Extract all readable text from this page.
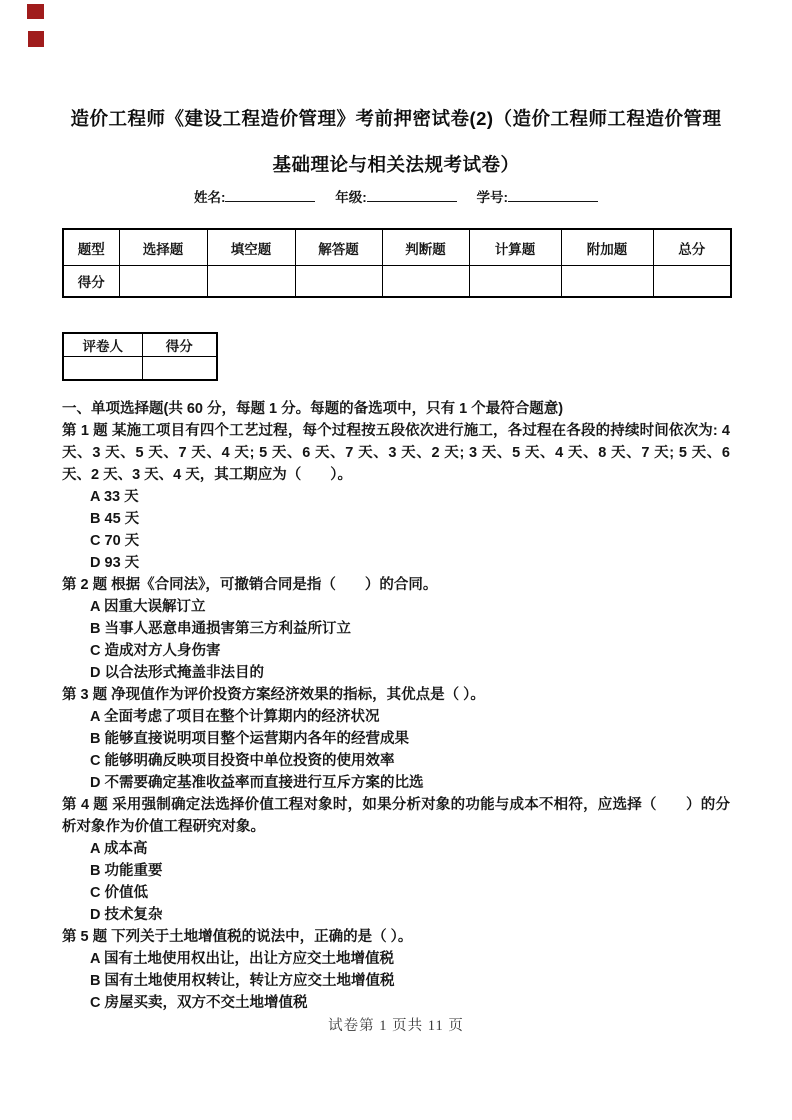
造价工程师《建设工程造价管理》考前押密试卷(2)（造价工程师工程造价管理
基础理论与相关法规考试卷）
姓名:	年级:	学号:
题型	选择题	填空题	解答题	判断题	计算题	附加题	总分
得分							
评卷人	得分

一、单项选择题(共 60 分，每题 1 分。每题的备选项中，只有 1 个最符合题意)

第 1 题 某施工项目有四个工艺过程，每个过程按五段依次进行施工，各过程在各段的持续时间依次为: 4 天、3 天、5 天、7 天、4 天; 5 天、6 天、7 天、3 天、2 天; 3 天、5 天、4 天、8 天、7 天; 5 天、6 天、2 天、3 天、4 天，其工期应为（　　）。

A 33 天

B 45 天

C 70 天

D 93 天

第 2 题 根据《合同法》，可撤销合同是指（　　）的合同。

A 因重大误解订立

B 当事人恶意串通损害第三方利益所订立

C 造成对方人身伤害

D 以合法形式掩盖非法目的

第 3 题 净现值作为评价投资方案经济效果的指标，其优点是（ ）。

A 全面考虑了项目在整个计算期内的经济状况

B 能够直接说明项目整个运营期内各年的经营成果

C 能够明确反映项目投资中单位投资的使用效率

D 不需要确定基准收益率而直接进行互斥方案的比选

第 4 题 采用强制确定法选择价值工程对象时，如果分析对象的功能与成本不相符，应选择（　　）的分析对象作为价值工程研究对象。

A 成本高

B 功能重要

C 价值低

D 技术复杂

第 5 题 下列关于土地增值税的说法中，正确的是（ ）。

A 国有土地使用权出让，出让方应交土地增值税

B 国有土地使用权转让，转让方应交土地增值税

C 房屋买卖，双方不交土地增值税

试卷第 1 页共 11 页
